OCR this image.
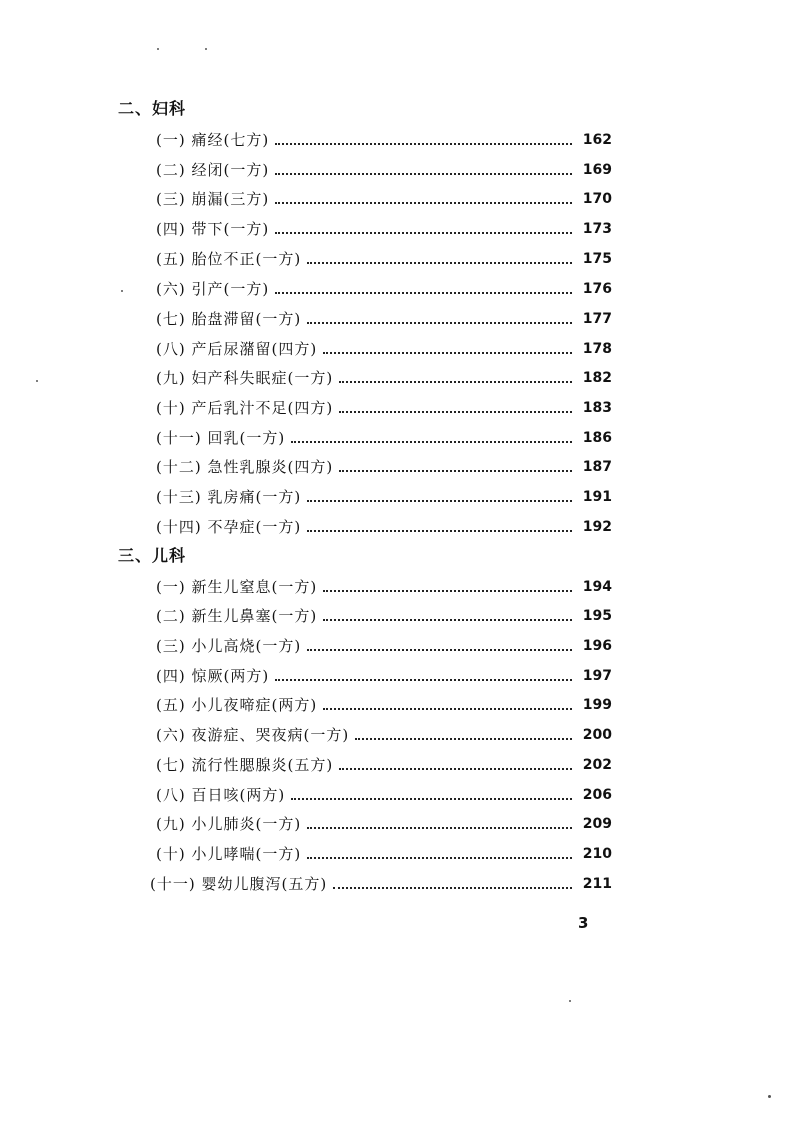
二、妇科
(一) 痛经(七方)	162
(二) 经闭(一方)	169
(三) 崩漏(三方)	170
(四) 带下(一方)	173
(五) 胎位不正(一方)	175
(六) 引产(一方)	176
(七) 胎盘滞留(一方)	177
(八) 产后尿潴留(四方)	178
(九) 妇产科失眠症(一方)	182
(十) 产后乳汁不足(四方)	183
(十一) 回乳(一方)	186
(十二) 急性乳腺炎(四方)	187
(十三) 乳房痛(一方)	191
(十四) 不孕症(一方)	192
三、儿科
(一) 新生儿窒息(一方)	194
(二) 新生儿鼻塞(一方)	195
(三) 小儿高烧(一方)	196
(四) 惊厥(两方)	197
(五) 小儿夜啼症(两方)	199
(六) 夜游症、哭夜病(一方)	200
(七) 流行性腮腺炎(五方)	202
(八) 百日咳(两方)	206
(九) 小儿肺炎(一方)	209
(十) 小儿哮喘(一方)	210
(十一) 婴幼儿腹泻(五方)	211
3
